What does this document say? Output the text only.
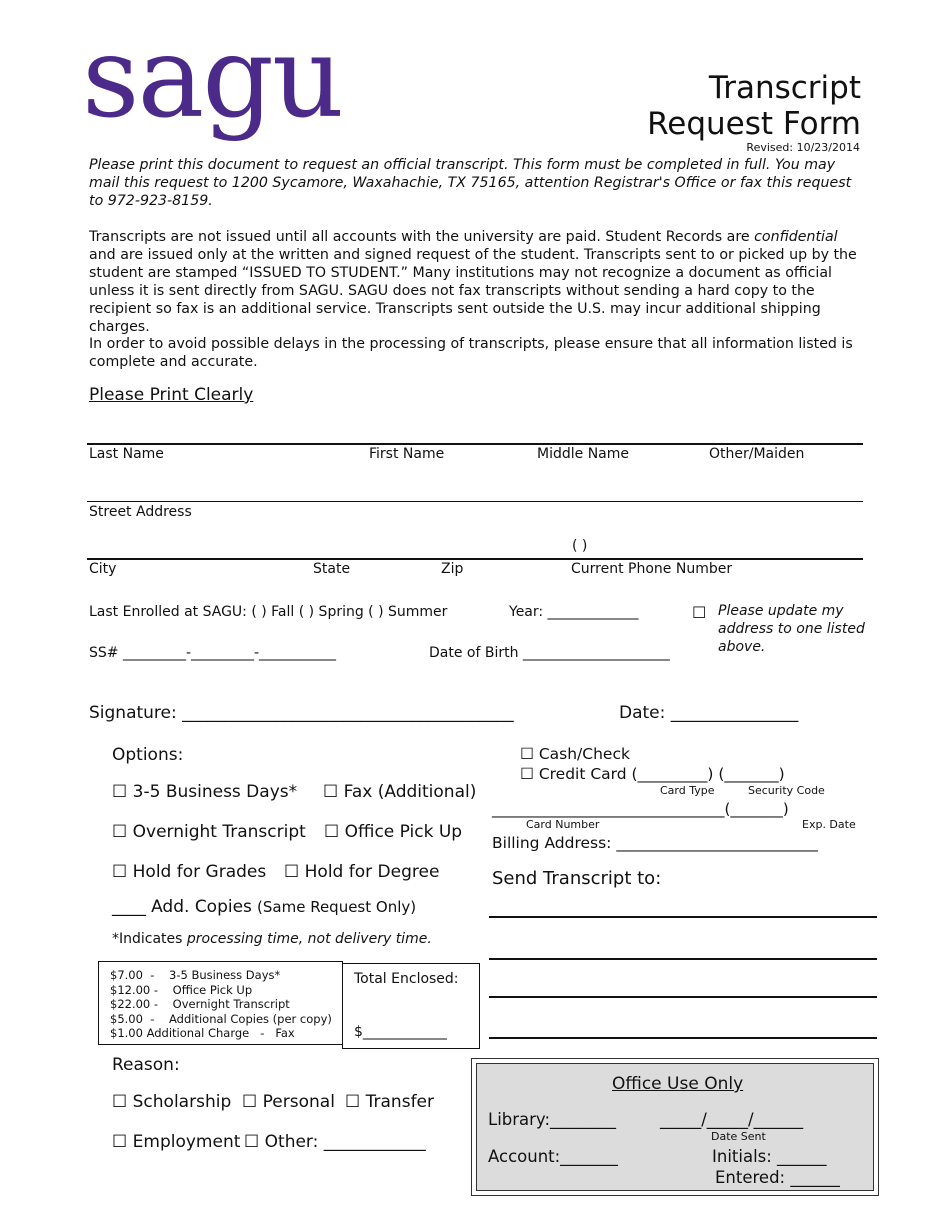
sagu	Transcript
Request Form
Revised: 10/23/2014
Please print this document to request an official transcript. This form must be completed in full. You may mail this request to 1200 Sycamore, Waxahachie, TX 75165, attention Registrar's Office or fax this request to 972-923-8159.
Transcripts are not issued until all accounts with the university are paid. Student Records are confidential and are issued only at the written and signed request of the student. Transcripts sent to or picked up by the student are stamped “ISSUED TO STUDENT.” Many institutions may not recognize a document as official unless it is sent directly from SAGU. SAGU does not fax transcripts without sending a hard copy to the recipient so fax is an additional service. Transcripts sent outside the U.S. may incur additional shipping charges.
In order to avoid possible delays in the processing of transcripts, please ensure that all information listed is complete and accurate.
Please Print Clearly
Last Name	First Name	Middle Name	Other/Maiden
Street Address
( )
City	State	Zip	Current Phone Number
Last Enrolled at SAGU: ( ) Fall ( ) Spring ( ) Summer	Year: _____________	☐ Please update my
address to one listed
above.
SS# _________-_________-___________	Date of Birth _____________________
Signature: _______________________________________	Date: _______________
Options:
☐ 3-5 Business Days* ☐ Fax (Additional)
☐ Overnight Transcript ☐ Office Pick Up
☐ Hold for Grades ☐ Hold for Degree
____ Add. Copies (Same Request Only)
*Indicates processing time, not delivery time.
$7.00  -    3-5 Business Days*
$12.00 -    Office Pick Up
$22.00 -    Overnight Transcript
$5.00  -    Additional Copies (per copy)
$1.00 Additional Charge   -   Fax
Total Enclosed:
$____________
☐ Cash/Check
☐ Credit Card (_________) (_______)
Card Type	Security Code
_______________________________(_______)
Card Number	Exp. Date
Billing Address: __________________________
Send Transcript to:
Reason:
☐ Scholarship ☐ Personal ☐ Transfer
☐ Employment ☐ Other: ____________
Office Use Only
Library:________	_____/_____/______
Date Sent
Account:_______	Initials: ______
Entered: ______
